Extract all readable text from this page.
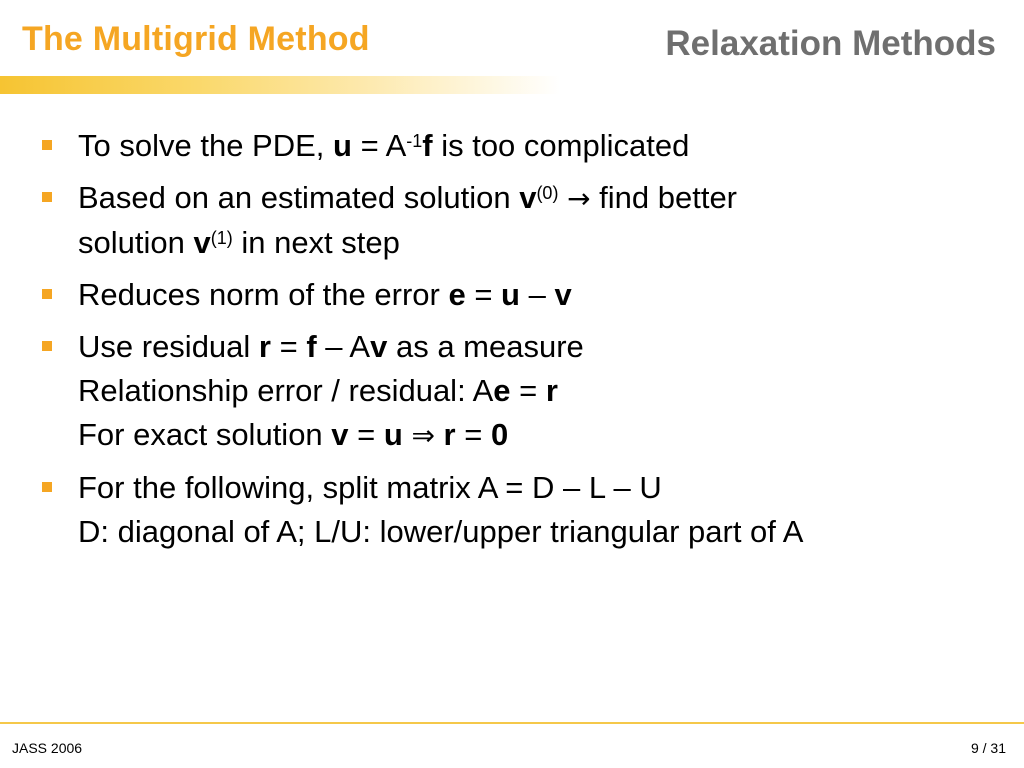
The Multigrid Method	Relaxation Methods
To solve the PDE, $u = A^{-1}f$ is too complicated
Based on an estimated solution $v^{(0)}$ → find better
solution $v^{(1)}$ in next step
Reduces norm of the error e = u – v
Use residual r = f – Av as a measure
Relationship error / residual: Ae = r
For exact solution v = u ⇒ r = 0
For the following, split matrix A = D – L – U
D: diagonal of A; L/U: lower/upper triangular part of A
JASS 2006	9 / 31
